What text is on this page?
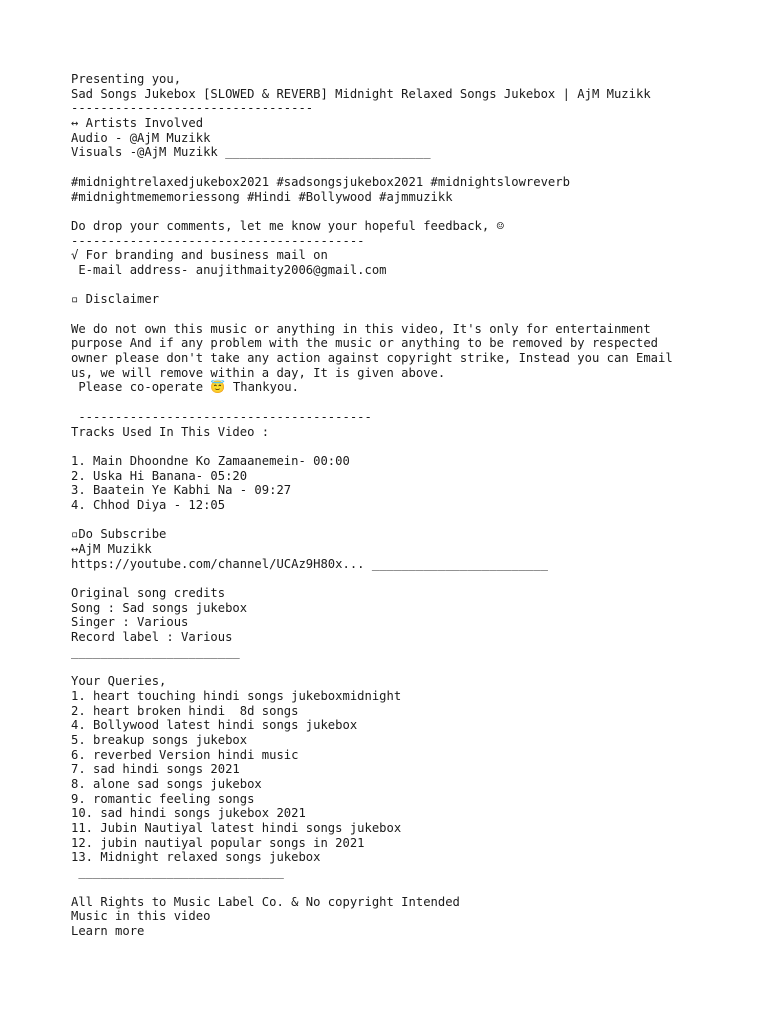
Presenting you,
Sad Songs Jukebox [SLOWED & REVERB] Midnight Relaxed Songs Jukebox | AjM Muzikk
---------------------------------
↔ Artists Involved
Audio - @AjM Muzikk
Visuals -@AjM Muzikk ____________________________
#midnightrelaxedjukebox2021 #sadsongsjukebox2021 #midnightslowreverb
#midnightmememoriessong #Hindi #Bollywood #ajmmuzikk
Do drop your comments, let me know your hopeful feedback, ☺
----------------------------------------
√ For branding and business mail on
E-mail address- anujithmaity2006@gmail.com
▫ Disclaimer
We do not own this music or anything in this video, It's only for entertainment
purpose And if any problem with the music or anything to be removed by respected
owner please don't take any action against copyright strike, Instead you can Email
us, we will remove within a day, It is given above.
Please co-operate 😇 Thankyou.
----------------------------------------
Tracks Used In This Video :
1. Main Dhoondne Ko Zamaanemein- 00:00
2. Uska Hi Banana- 05:20
3. Baatein Ye Kabhi Na - 09:27
4. Chhod Diya - 12:05
▫Do Subscribe
↔AjM Muzikk
https://youtube.com/channel/UCAz9H80x... ________________________
Original song credits
Song : Sad songs jukebox
Singer : Various
Record label : Various
_______________________
Your Queries,
1. heart touching hindi songs jukeboxmidnight
2. heart broken hindi  8d songs
4. Bollywood latest hindi songs jukebox
5. breakup songs jukebox
6. reverbed Version hindi music
7. sad hindi songs 2021
8. alone sad songs jukebox
9. romantic feeling songs
10. sad hindi songs jukebox 2021
11. Jubin Nautiyal latest hindi songs jukebox
12. jubin nautiyal popular songs in 2021
13. Midnight relaxed songs jukebox
____________________________
All Rights to Music Label Co. & No copyright Intended
Music in this video
Learn more
